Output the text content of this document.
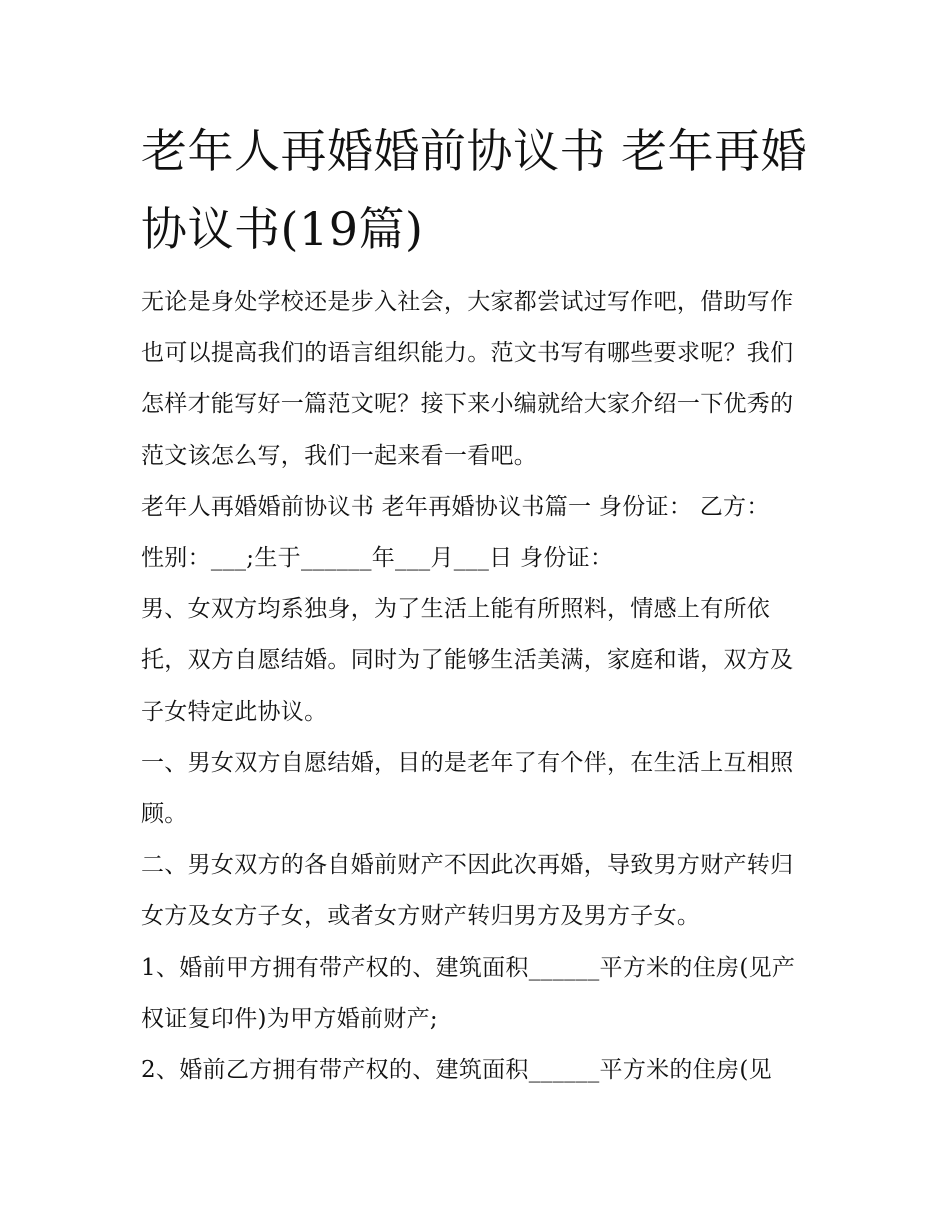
老年人再婚婚前协议书 老年再婚协议书(19篇)

无论是身处学校还是步入社会，大家都尝试过写作吧，借助写作也可以提高我们的语言组织能力。范文书写有哪些要求呢？我们怎样才能写好一篇范文呢？接下来小编就给大家介绍一下优秀的范文该怎么写，我们一起来看一看吧。

老年人再婚婚前协议书 老年再婚协议书篇一 身份证： 乙方：

性别：___;生于______年___月___日 身份证：

男、女双方均系独身，为了生活上能有所照料，情感上有所依托，双方自愿结婚。同时为了能够生活美满，家庭和谐，双方及子女特定此协议。

一、男女双方自愿结婚，目的是老年了有个伴，在生活上互相照顾。

二、男女双方的各自婚前财产不因此次再婚，导致男方财产转归女方及女方子女，或者女方财产转归男方及男方子女。

1、婚前甲方拥有带产权的、建筑面积______平方米的住房(见产权证复印件)为甲方婚前财产;

2、婚前乙方拥有带产权的、建筑面积______平方米的住房(见
